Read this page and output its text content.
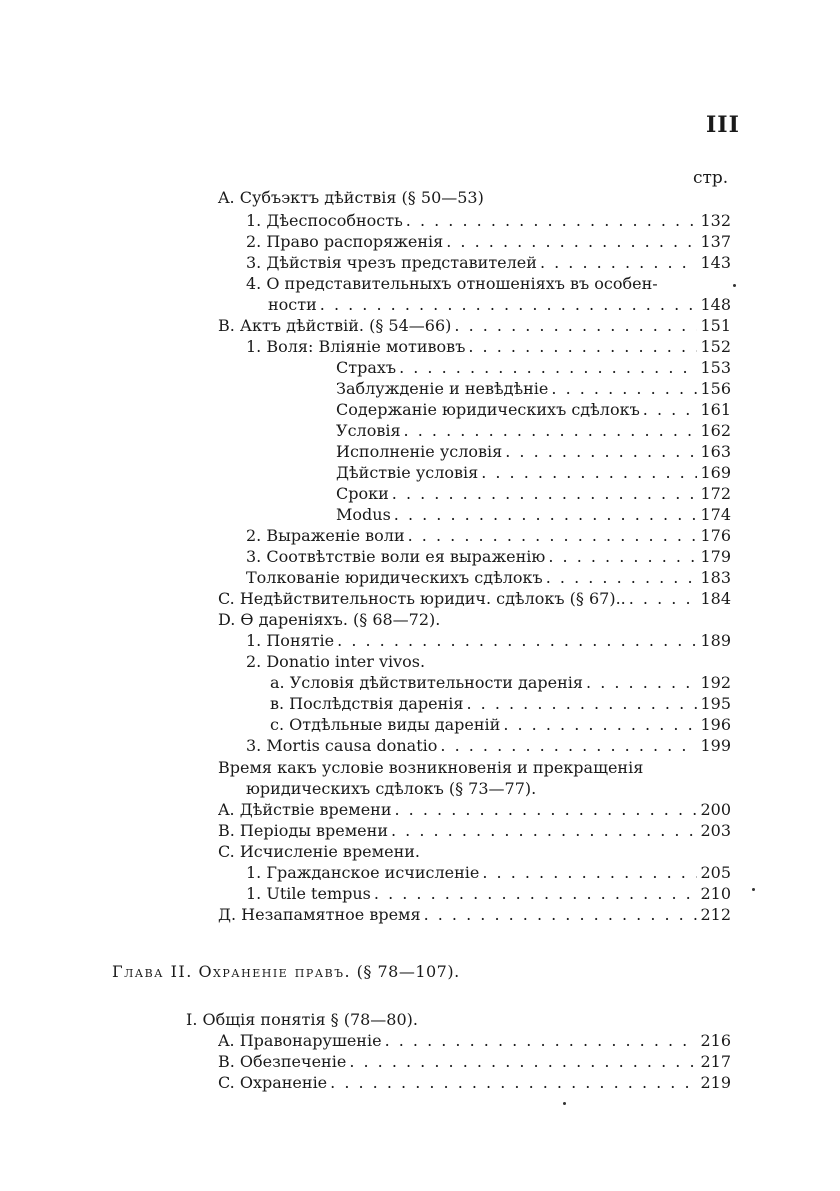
III
стр.
A. Субъэктъ дѣйствія (§ 50—53)
1. Дѣеспособность . . .	132
2. Право распоряженія . . .	137
3. Дѣйствія чрезъ представителей . . .	143
4. О представительныхъ отношеніяхъ въ особен-
ности . . .	148
B. Актъ дѣйствій. (§ 54—66) . . .	151
1. Воля: Вліяніе мотивовъ . . .	152
Страхъ . . .	153
Заблужденіе и невѣдѣніе . . .	156
Содержаніе юридическихъ сдѣлокъ . . .	161
Условія . . .	162
Исполненіе условія . . .	163
Дѣйствіе условія . . .	169
Сроки . . .	172
Modus . . .	174
2. Выраженіе воли . . .	176
3. Соотвѣтствіе воли ея выраженію . . .	179
Толкованіе юридическихъ сдѣлокъ . . .	183
C. Недѣйствительность юридич. сдѣлокъ (§ 67).. . . .	184
D. Ѳ дареніяхъ. (§ 68—72).
1. Понятіе . . .	189
2. Donatio inter vivos.
a. Условія дѣйствительности даренія . . .	192
в. Послѣдствія даренія . . .	195
c. Отдѣльные виды дареній . . .	196
3. Mortis causa donatio . . .	199
Время какъ условіе возникновенія и прекращенія
юридическихъ сдѣлокъ (§ 73—77).
A. Дѣйствіе времени . . .	200
B. Періоды времени . . .	203
C. Исчисленіе времени.
1. Гражданское исчисленіе . . .	205
1. Utile tempus . . .	210
Д. Незапамятное время . . .	212
Глава II. Охраненіе правъ. (§ 78—107).
I. Общія понятія § (78—80).
A. Правонарушеніе . . .	216
B. Обезпеченіе . . .	217
C. Охраненіе . . .	219
